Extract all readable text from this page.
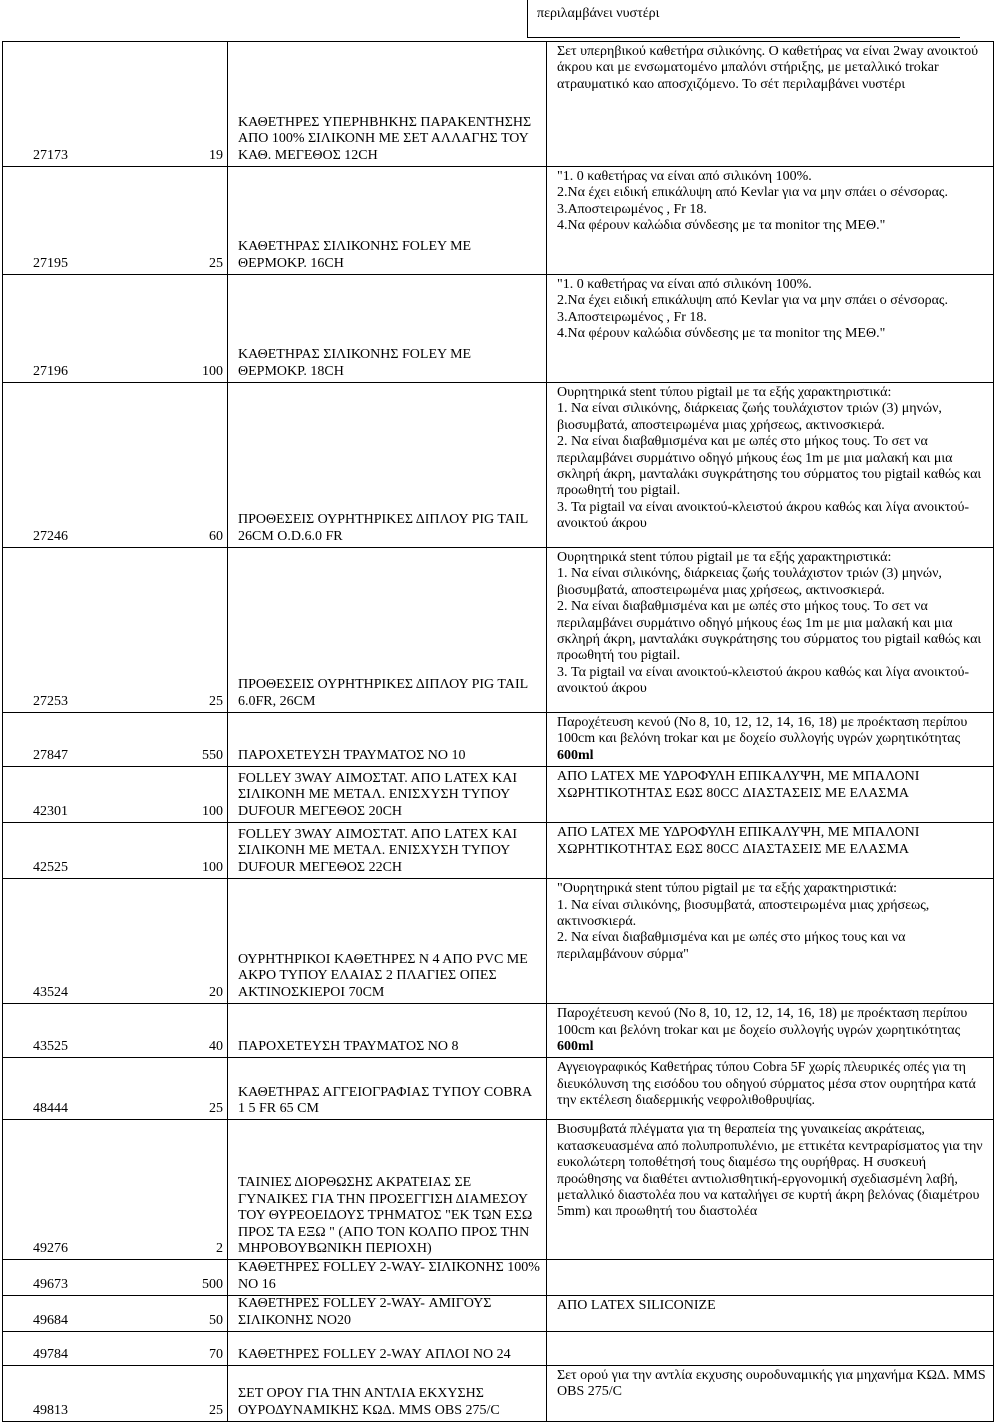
περιλαμβάνει νυστέρι
27173 19	ΚΑΘΕΤΗΡΕΣ ΥΠΕΡΗΒΗΚΗΣ ΠΑΡΑΚΕΝΤΗΣΗΣ ΑΠΟ 100% ΣΙΛΙΚΟΝΗ ΜΕ ΣΕΤ ΑΛΛΑΓΗΣ ΤΟΥ ΚΑΘ. ΜΕΓΕΘΟΣ 12CH	Σετ υπερηβικού καθετήρα σιλικόνης. Ο καθετήρας να είναι 2way ανοικτού άκρου και με ενσωματομένο μπαλόνι στήριξης, με μεταλλικό trokar ατραυματικό καο αποσχιζόμενο. Το σέτ περιλαμβάνει νυστέρι

27195 25	ΚΑΘΕΤΗΡΑΣ ΣΙΛΙΚΟΝΗΣ FOLEY ΜΕ ΘΕΡΜΟΚΡ. 16CH	"1. 0 καθετήρας να είναι από σιλικόνη 100%.
2.Να έχει ειδική επικάλυψη από Kevlar για να μην σπάει ο σένσορας.
3.Αποστειρωμένος , Fr 18.
4.Να φέρουν καλώδια σύνδεσης με τα monitor της ΜΕΘ."

27196 100	ΚΑΘΕΤΗΡΑΣ ΣΙΛΙΚΟΝΗΣ FOLEY ΜΕ ΘΕΡΜΟΚΡ. 18CH	"1. 0 καθετήρας να είναι από σιλικόνη 100%.
2.Να έχει ειδική επικάλυψη από Kevlar για να μην σπάει ο σένσορας.
3.Αποστειρωμένος , Fr 18.
4.Να φέρουν καλώδια σύνδεσης με τα monitor της ΜΕΘ."

27246 60	ΠΡΟΘΕΣΕΙΣ ΟΥΡΗΤΗΡΙΚΕΣ ΔΙΠΛΟΥ PIG TAIL 26CM O.D.6.0 FR	Ουρητηρικά stent τύπου pigtail με τα εξής χαρακτηριστικά:
1. Να είναι σιλικόνης, διάρκειας ζωής τουλάχιστον τριών (3) μηνών, βιοσυμβατά, αποστειρωμένα μιας χρήσεως, ακτινοσκιερά.
2. Να είναι διαβαθμισμένα και με ωπές στο μήκος τους. Το σετ να περιλαμβάνει συρμάτινο οδηγό μήκους έως 1m με μια μαλακή και μια σκληρή άκρη, μανταλάκι συγκράτησης του σύρματος του pigtail καθώς και προωθητή του pigtail.
3. Τα pigtail να είναι ανοικτού-κλειστού άκρου καθώς και λίγα ανοικτού-ανοικτού άκρου

27253 25	ΠΡΟΘΕΣΕΙΣ ΟΥΡΗΤΗΡΙΚΕΣ ΔΙΠΛΟΥ PIG TAIL 6.0FR, 26CM	Ουρητηρικά stent τύπου pigtail με τα εξής χαρακτηριστικά:
1. Να είναι σιλικόνης, διάρκειας ζωής τουλάχιστον τριών (3) μηνών, βιοσυμβατά, αποστειρωμένα μιας χρήσεως, ακτινοσκιερά.
2. Να είναι διαβαθμισμένα και με ωπές στο μήκος τους. Το σετ να περιλαμβάνει συρμάτινο οδηγό μήκους έως 1m με μια μαλακή και μια σκληρή άκρη, μανταλάκι συγκράτησης του σύρματος του pigtail καθώς και προωθητή του pigtail.
3. Τα pigtail να είναι ανοικτού-κλειστού άκρου καθώς και λίγα ανοικτού-ανοικτού άκρου

27847 550	ΠΑΡΟΧΕΤΕΥΣΗ ΤΡΑΥΜΑΤΟΣ ΝΟ 10	Παροχέτευση κενού (Νο 8, 10, 12, 12, 14, 16, 18) με προέκταση περίπου 100cm και βελόνη trokar και με δοχείο συλλογής υγρών χωρητικότητας 600ml

42301 100	FOLLEY 3WAY ΑΙΜΟΣΤΑΤ. ΑΠΟ LATEX ΚΑΙ ΣΙΛΙΚΟΝΗ ΜΕ ΜΕΤΑΛ. ΕΝΙΣΧΥΣΗ ΤΥΠΟΥ DUFOUR ΜΕΓΕΘΟΣ 20CH	ΑΠΟ LATEX ΜΕ ΥΔΡΟΦΥΛΗ ΕΠΙΚΑΛΥΨΗ, ΜΕ ΜΠΑΛΟΝΙ ΧΩΡΗΤΙΚΟΤΗΤΑΣ ΕΩΣ 80CC ΔΙΑΣΤΑΣΕΙΣ ΜΕ ΕΛΑΣΜΑ

42525 100	FOLLEY 3WAY ΑΙΜΟΣΤΑΤ. ΑΠΟ LATEX ΚΑΙ ΣΙΛΙΚΟΝΗ ΜΕ ΜΕΤΑΛ. ΕΝΙΣΧΥΣΗ ΤΥΠΟΥ DUFOUR ΜΕΓΕΘΟΣ 22CH	ΑΠΟ LATEX ΜΕ ΥΔΡΟΦΥΛΗ ΕΠΙΚΑΛΥΨΗ, ΜΕ ΜΠΑΛΟΝΙ ΧΩΡΗΤΙΚΟΤΗΤΑΣ ΕΩΣ 80CC ΔΙΑΣΤΑΣΕΙΣ ΜΕ ΕΛΑΣΜΑ

43524 20	ΟΥΡΗΤΗΡΙΚΟΙ ΚΑΘΕΤΗΡΕΣ Ν 4 ΑΠΟ PVC ΜΕ ΑΚΡΟ ΤΥΠΟΥ ΕΛΑΙΑΣ 2 ΠΛΑΓΙΕΣ ΟΠΕΣ ΑΚΤΙΝΟΣΚΙΕΡΟΙ 70CM	"Ουρητηρικά stent τύπου pigtail με τα εξής χαρακτηριστικά:
1. Να είναι σιλικόνης, βιοσυμβατά, αποστειρωμένα μιας χρήσεως, ακτινοσκιερά.
2. Να είναι διαβαθμισμένα και με ωπές στο μήκος τους και να περιλαμβάνουν σύρμα"

43525 40	ΠΑΡΟΧΕΤΕΥΣΗ ΤΡΑΥΜΑΤΟΣ ΝΟ 8	Παροχέτευση κενού (Νο 8, 10, 12, 12, 14, 16, 18) με προέκταση περίπου 100cm και βελόνη trokar και με δοχείο συλλογής υγρών χωρητικότητας 600ml

48444 25	ΚΑΘΕΤΗΡΑΣ ΑΓΓΕΙΟΓΡΑΦΙΑΣ ΤΥΠΟΥ COBRA 1 5 FR 65 CM	Αγγειογραφικός Καθετήρας τύπου Cobra 5F χωρίς πλευρικές οπές για τη διευκόλυνση της εισόδου του οδηγού σύρματος μέσα στον ουρητήρα κατά την εκτέλεση διαδερμικής νεφρολιθοθρυψίας.

49276 2	ΤΑΙΝΙΕΣ ΔΙΟΡΘΩΣΗΣ ΑΚΡΑΤΕΙΑΣ ΣΕ ΓΥΝΑΙΚΕΣ ΓΙΑ ΤΗΝ ΠΡΟΣΕΓΓΙΣΗ ΔΙΑΜΕΣΟΥ ΤΟΥ ΘΥΡΕΟΕΙΔΟΥΣ ΤΡΗΜΑΤΟΣ "ΕΚ ΤΩΝ ΕΣΩ ΠΡΟΣ ΤΑ ΕΞΩ " (ΑΠΟ ΤΟΝ ΚΟΛΠΟ ΠΡΟΣ ΤΗΝ ΜΗΡΟΒΟΥΒΩΝΙΚΗ ΠΕΡΙΟΧΗ)	Βιοσυμβατά πλέγματα για τη θεραπεία της γυναικείας ακράτειας, κατασκευασμένα από πολυπροπυλένιο, με εττικέτα κεντραρίσματος για την ευκολώτερη τοποθέτησή τους διαμέσω της ουρήθρας. Η συσκευή προώθησης να διαθέτει αντιολισθητική-εργονομική σχεδιασμένη λαβή, μεταλλικό διαστολέα που να καταλήγει σε κυρτή άκρη βελόνας (διαμέτρου 5mm) και προωθητή του διαστολέα

49673 500	ΚΑΘΕΤΗΡΕΣ FOLLEY 2-WAY- ΣΙΛΙΚΟΝΗΣ 100% ΝΟ 16	

49684 50	ΚΑΘΕΤΗΡΕΣ FOLLEY 2-WAY- ΑΜΙΓΟΥΣ ΣΙΛΙΚΟΝΗΣ ΝΟ20	ΑΠΟ LATEX SILICONIZE

49784 70	ΚΑΘΕΤΗΡΕΣ FOLLEY 2-WAY ΑΠΛΟΙ ΝΟ 24	

49813 25	ΣΕΤ ΟΡΟΥ ΓΙΑ ΤΗΝ ΑΝΤΛΙΑ ΕΚΧΥΣΗΣ ΟΥΡΟΔΥΝΑΜΙΚΗΣ ΚΩΔ. MMS OBS 275/C	Σετ ορού για την αντλία εκχυσης ουροδυναμικής για μηχανήμα ΚΩΔ. MMS OBS 275/C
